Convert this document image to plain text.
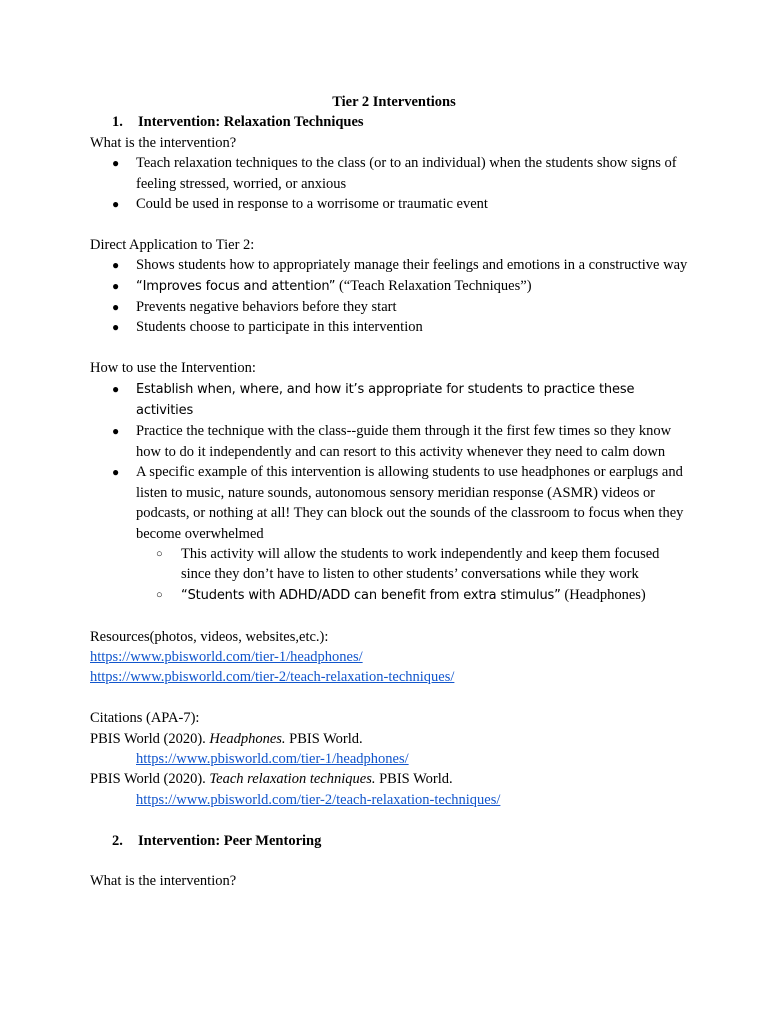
Tier 2 Interventions

1.	Intervention: Relaxation Techniques

What is the intervention?

● Teach relaxation techniques to the class (or to an individual) when the students show signs of feeling stressed, worried, or anxious
● Could be used in response to a worrisome or traumatic event

Direct Application to Tier 2:

● Shows students how to appropriately manage their feelings and emotions in a constructive way
● “Improves focus and attention” (“Teach Relaxation Techniques”)
● Prevents negative behaviors before they start
● Students choose to participate in this intervention

How to use the Intervention:

● Establish when, where, and how it’s appropriate for students to practice these activities
● Practice the technique with the class--guide them through it the first few times so they know how to do it independently and can resort to this activity whenever they need to calm down
● A specific example of this intervention is allowing students to use headphones or earplugs and listen to music, nature sounds, autonomous sensory meridian response (ASMR) videos or podcasts, or nothing at all! They can block out the sounds of the classroom to focus when they become overwhelmed
○ This activity will allow the students to work independently and keep them focused since they don’t have to listen to other students’ conversations while they work
○ “Students with ADHD/ADD can benefit from extra stimulus” (Headphones)

Resources(photos, videos, websites,etc.):

https://www.pbisworld.com/tier-1/headphones/

https://www.pbisworld.com/tier-2/teach-relaxation-techniques/

Citations (APA-7):

PBIS World (2020). Headphones. PBIS World.

https://www.pbisworld.com/tier-1/headphones/

PBIS World (2020). Teach relaxation techniques. PBIS World.

https://www.pbisworld.com/tier-2/teach-relaxation-techniques/

2.	Intervention: Peer Mentoring

What is the intervention?
